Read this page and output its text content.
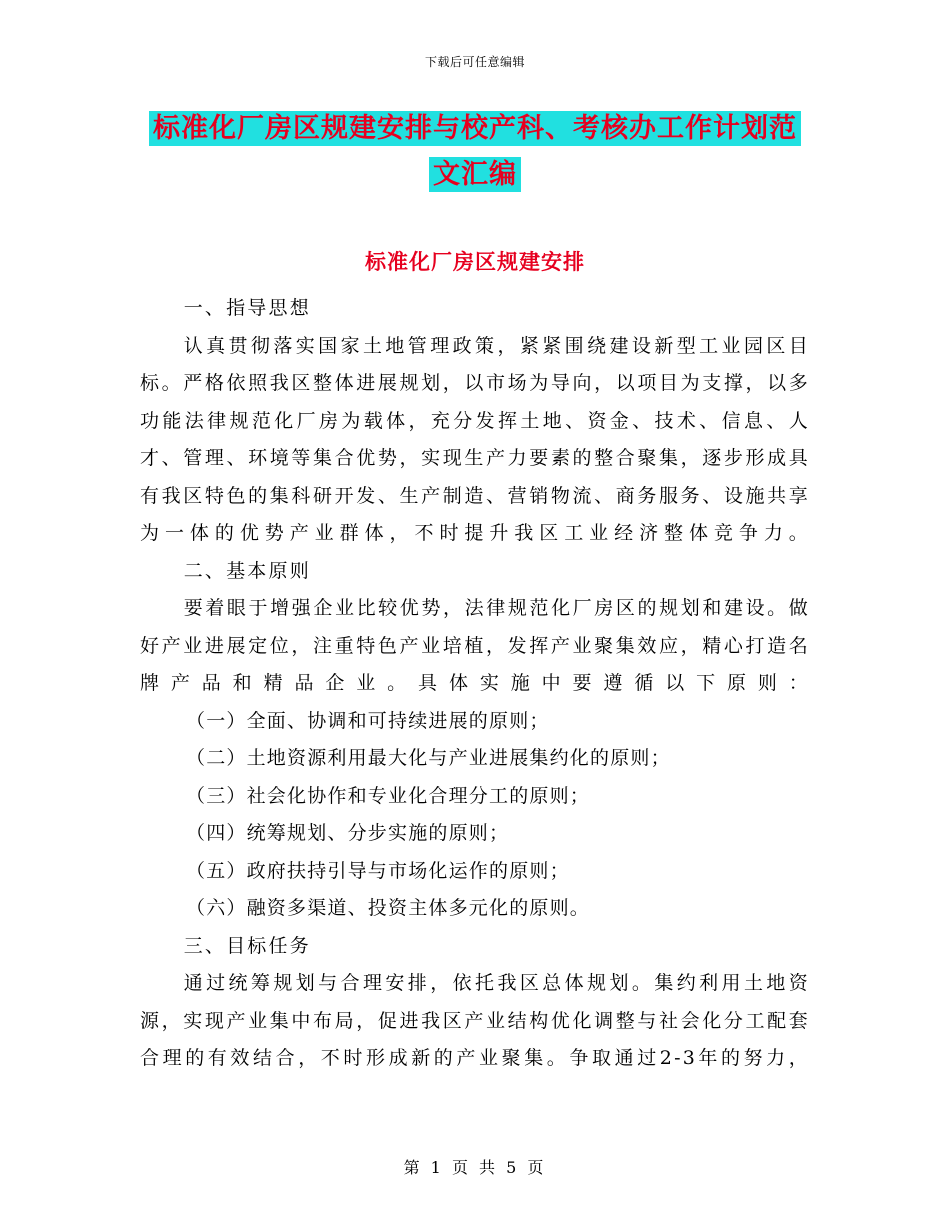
下载后可任意编辑
标准化厂房区规建安排与校产科、考核办工作计划范
文汇编
标准化厂房区规建安排

一、指导思想

认真贯彻落实国家土地管理政策，紧紧围绕建设新型工业园区目标。严格依照我区整体进展规划，以市场为导向，以项目为支撑，以多功能法律规范化厂房为载体，充分发挥土地、资金、技术、信息、人才、管理、环境等集合优势，实现生产力要素的整合聚集，逐步形成具有我区特色的集科研开发、生产制造、营销物流、商务服务、设施共享为一体的优势产业群体，不时提升我区工业经济整体竞争力。

二、基本原则

要着眼于增强企业比较优势，法律规范化厂房区的规划和建设。做好产业进展定位，注重特色产业培植，发挥产业聚集效应，精心打造名牌产品和精品企业。具体实施中要遵循以下原则：

（一）全面、协调和可持续进展的原则；

（二）土地资源利用最大化与产业进展集约化的原则；

（三）社会化协作和专业化合理分工的原则；

（四）统筹规划、分步实施的原则；

（五）政府扶持引导与市场化运作的原则；

（六）融资多渠道、投资主体多元化的原则。

三、目标任务

通过统筹规划与合理安排，依托我区总体规划。集约利用土地资源，实现产业集中布局，促进我区产业结构优化调整与社会化分工配套合理的有效结合，不时形成新的产业聚集。争取通过2-3年的努力，

第 1 页 共 5 页
